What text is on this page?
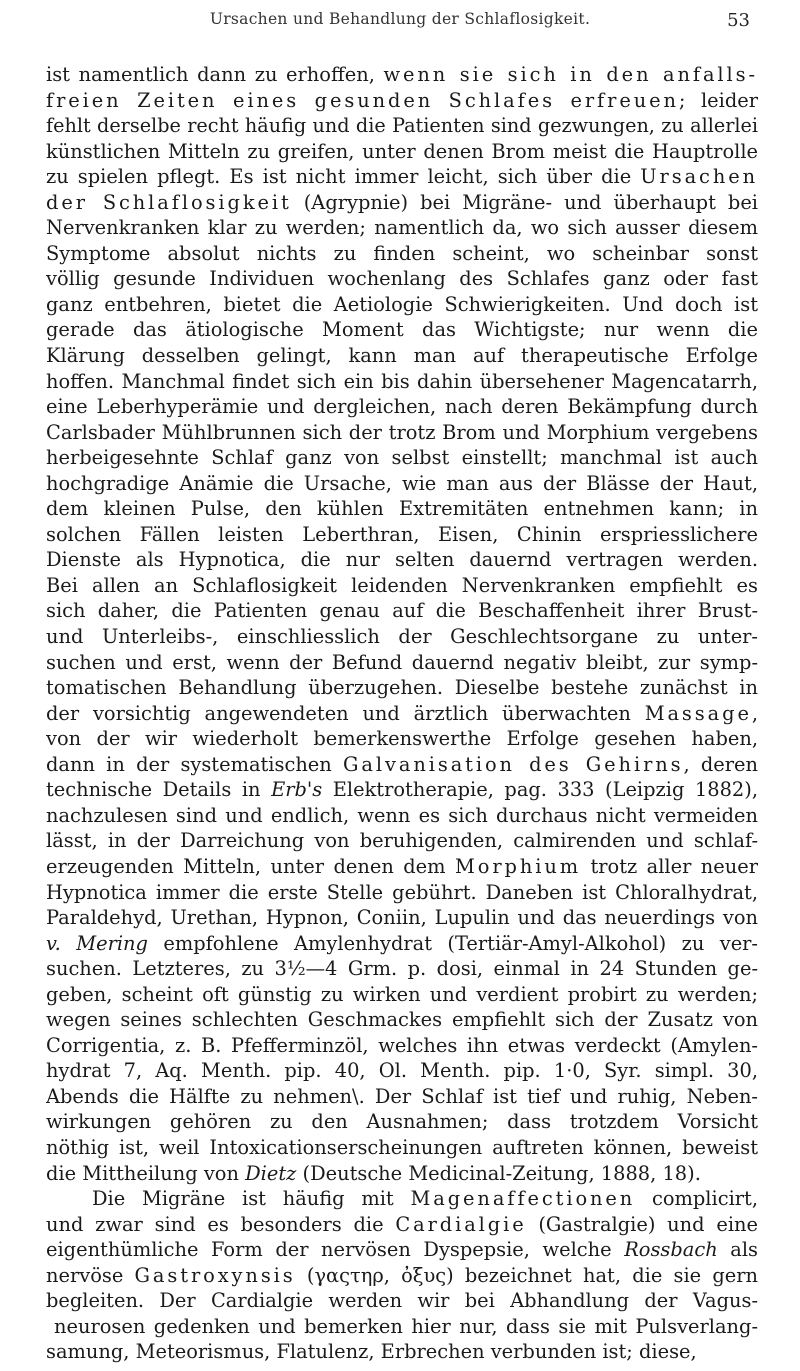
Ursachen und Behandlung der Schlaflosigkeit.	53
ist namentlich dann zu erhoffen, wenn sie sich in den anfalls-
freien Zeiten eines gesunden Schlafes erfreuen; leider
fehlt derselbe recht häufig und die Patienten sind gezwungen, zu allerlei
künstlichen Mitteln zu greifen, unter denen Brom meist die Hauptrolle
zu spielen pflegt. Es ist nicht immer leicht, sich über die Ursachen
der Schlaflosigkeit (Agrypnie) bei Migräne- und überhaupt bei
Nervenkranken klar zu werden; namentlich da, wo sich ausser diesem
Symptome absolut nichts zu finden scheint, wo scheinbar sonst
völlig gesunde Individuen wochenlang des Schlafes ganz oder fast
ganz entbehren, bietet die Aetiologie Schwierigkeiten. Und doch ist
gerade das ätiologische Moment das Wichtigste; nur wenn die
Klärung desselben gelingt, kann man auf therapeutische Erfolge
hoffen. Manchmal findet sich ein bis dahin übersehener Magencatarrh,
eine Leberhyperämie und dergleichen, nach deren Bekämpfung durch
Carlsbader Mühlbrunnen sich der trotz Brom und Morphium vergebens
herbeigesehnte Schlaf ganz von selbst einstellt; manchmal ist auch
hochgradige Anämie die Ursache, wie man aus der Blässe der Haut,
dem kleinen Pulse, den kühlen Extremitäten entnehmen kann; in
solchen Fällen leisten Leberthran, Eisen, Chinin erspriesslichere
Dienste als Hypnotica, die nur selten dauernd vertragen werden.
Bei allen an Schlaflosigkeit leidenden Nervenkranken empfiehlt es
sich daher, die Patienten genau auf die Beschaffenheit ihrer Brust-
und Unterleibs-, einschliesslich der Geschlechtsorgane zu unter-
suchen und erst, wenn der Befund dauernd negativ bleibt, zur symp-
tomatischen Behandlung überzugehen. Dieselbe bestehe zunächst in
der vorsichtig angewendeten und ärztlich überwachten Massage,
von der wir wiederholt bemerkenswerthe Erfolge gesehen haben,
dann in der systematischen Galvanisation des Gehirns, deren
technische Details in Erb's Elektrotherapie, pag. 333 (Leipzig 1882),
nachzulesen sind und endlich, wenn es sich durchaus nicht vermeiden
lässt, in der Darreichung von beruhigenden, calmirenden und schlaf-
erzeugenden Mitteln, unter denen dem Morphium trotz aller neuer
Hypnotica immer die erste Stelle gebührt. Daneben ist Chloralhydrat,
Paraldehyd, Urethan, Hypnon, Coniin, Lupulin und das neuerdings von
v. Mering empfohlene Amylenhydrat (Tertiär-Amyl-Alkohol) zu ver-
suchen. Letzteres, zu 3½—4 Grm. p. dosi, einmal in 24 Stunden ge-
geben, scheint oft günstig zu wirken und verdient probirt zu werden;
wegen seines schlechten Geschmackes empfiehlt sich der Zusatz von
Corrigentia, z. B. Pfefferminzöl, welches ihn etwas verdeckt (Amylen-
hydrat 7, Aq. Menth. pip. 40, Ol. Menth. pip. 1·0, Syr. simpl. 30,
Abends die Hälfte zu nehmen\. Der Schlaf ist tief und ruhig, Neben-
wirkungen gehören zu den Ausnahmen; dass trotzdem Vorsicht
nöthig ist, weil Intoxicationserscheinungen auftreten können, beweist
die Mittheilung von Dietz (Deutsche Medicinal-Zeitung, 1888, 18).
Die Migräne ist häufig mit Magenaffectionen complicirt,
und zwar sind es besonders die Cardialgie (Gastralgie) und eine
eigenthümliche Form der nervösen Dyspepsie, welche Rossbach als
nervöse Gastroxynsis (γαςτηρ, ὀξυς) bezeichnet hat, die sie gern
begleiten. Der Cardialgie werden wir bei Abhandlung der Vagus-
neurosen gedenken und bemerken hier nur, dass sie mit Pulsverlang-
samung, Meteorismus, Flatulenz, Erbrechen verbunden ist; diese,
